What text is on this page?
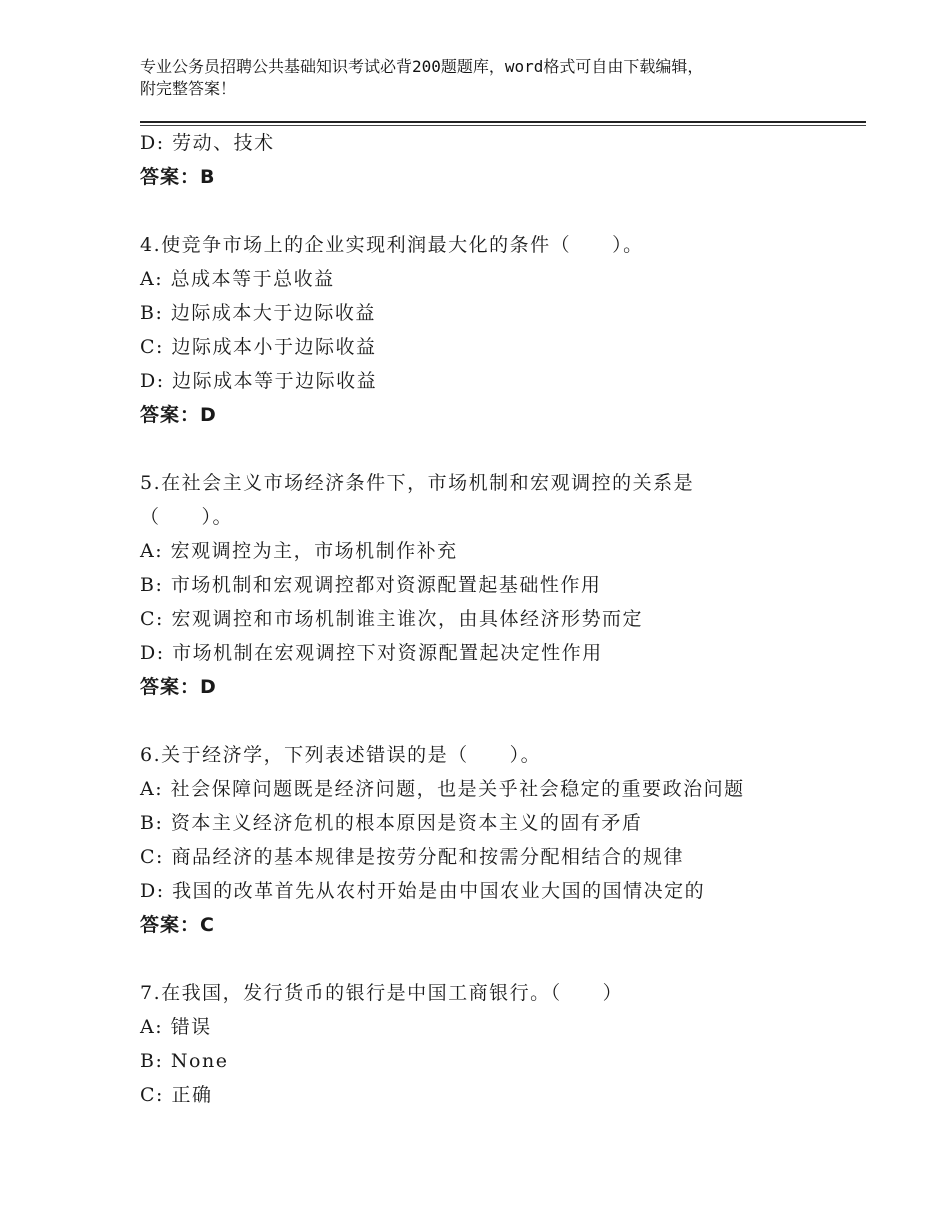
专业公务员招聘公共基础知识考试必背200题题库，word格式可自由下载编辑，
附完整答案！
D: 劳动、技术
答案：B
4.使竞争市场上的企业实现利润最大化的条件（　　）。
A: 总成本等于总收益
B: 边际成本大于边际收益
C: 边际成本小于边际收益
D: 边际成本等于边际收益
答案：D
5.在社会主义市场经济条件下，市场机制和宏观调控的关系是
（　　）。
A: 宏观调控为主，市场机制作补充
B: 市场机制和宏观调控都对资源配置起基础性作用
C: 宏观调控和市场机制谁主谁次，由具体经济形势而定
D: 市场机制在宏观调控下对资源配置起决定性作用
答案：D
6.关于经济学，下列表述错误的是（　　）。
A: 社会保障问题既是经济问题，也是关乎社会稳定的重要政治问题
B: 资本主义经济危机的根本原因是资本主义的固有矛盾
C: 商品经济的基本规律是按劳分配和按需分配相结合的规律
D: 我国的改革首先从农村开始是由中国农业大国的国情决定的
答案：C
7.在我国，发行货币的银行是中国工商银行。（　　）
A: 错误
B: None
C: 正确
